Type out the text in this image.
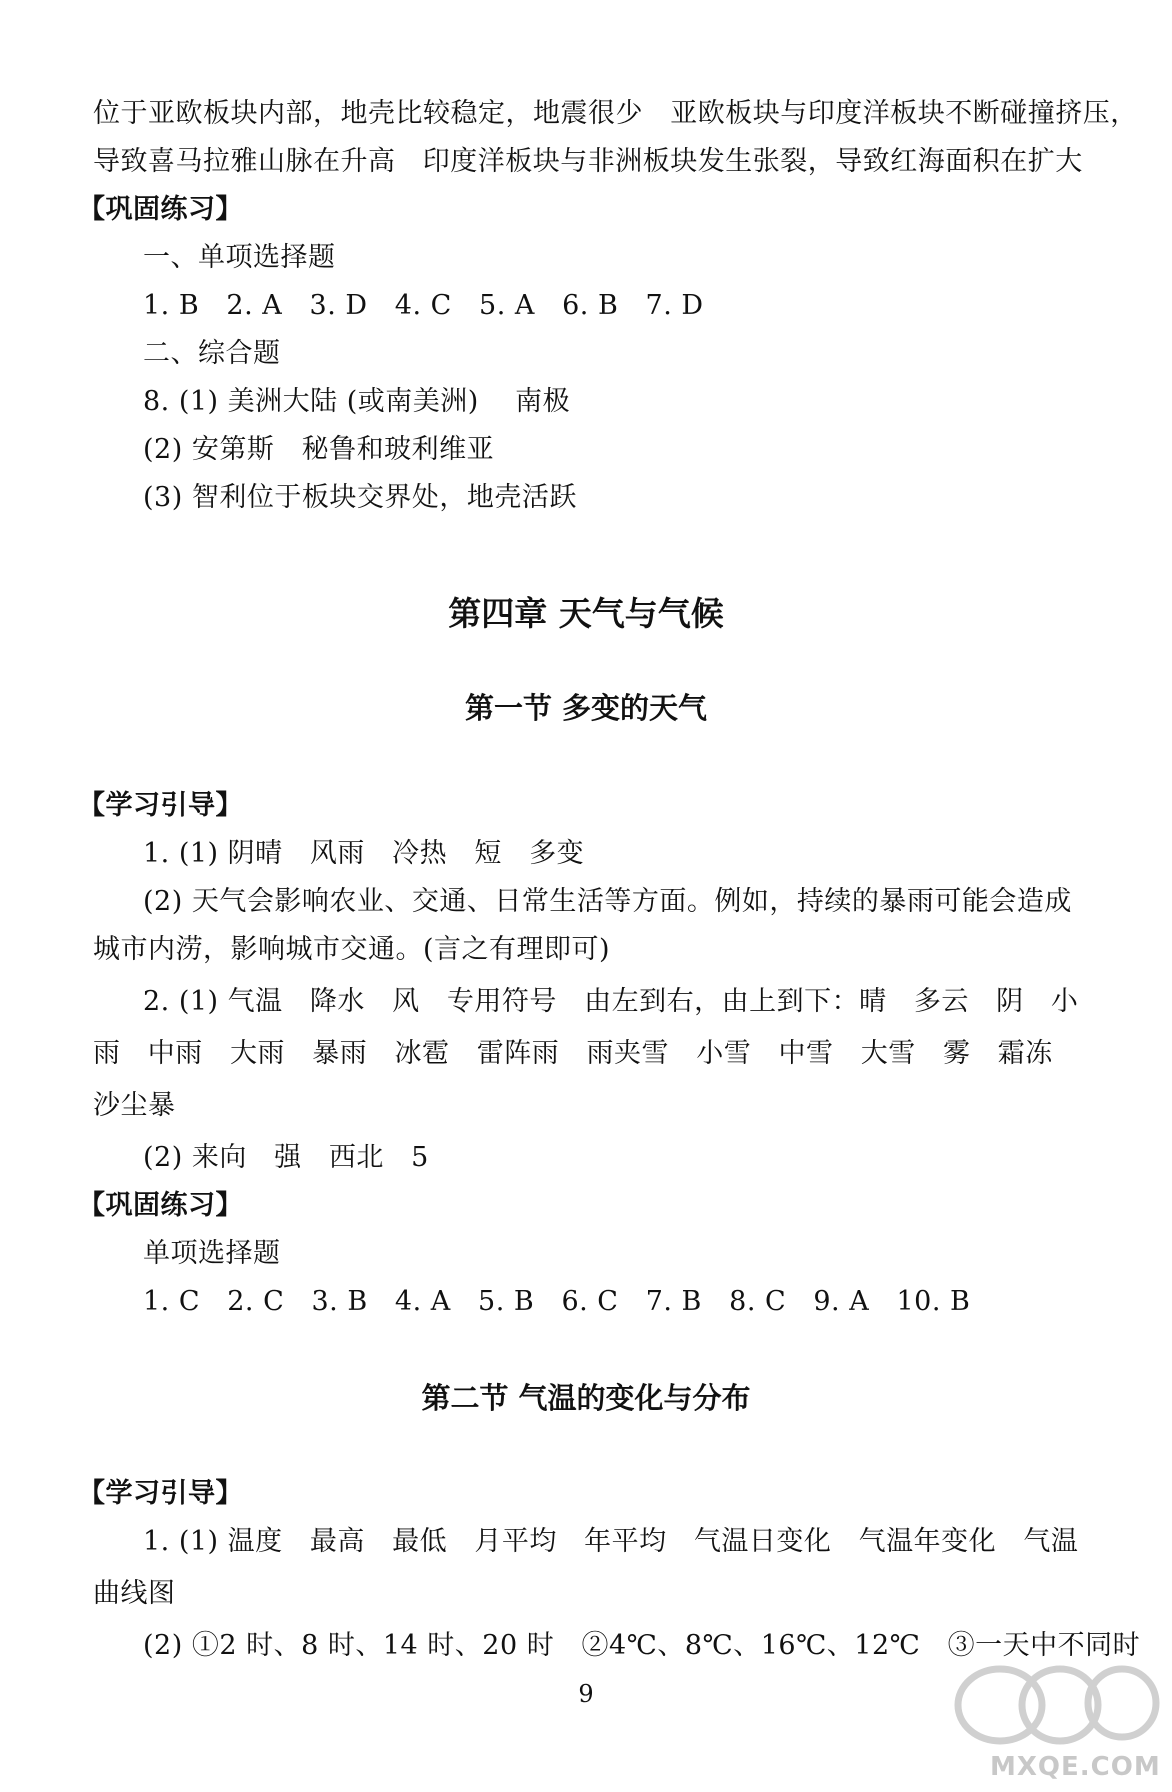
位于亚欧板块内部，地壳比较稳定，地震很少   亚欧板块与印度洋板块不断碰撞挤压，
导致喜马拉雅山脉在升高   印度洋板块与非洲板块发生张裂，导致红海面积在扩大
【巩固练习】
一、单项选择题
1. B   2. A   3. D   4. C   5. A   6. B   7. D
二、综合题
8. (1) 美洲大陆 (或南美洲)    南极
(2) 安第斯   秘鲁和玻利维亚
(3) 智利位于板块交界处，地壳活跃
第四章 天气与气候
第一节 多变的天气
【学习引导】
1. (1) 阴晴   风雨   冷热   短   多变
(2) 天气会影响农业、交通、日常生活等方面。例如，持续的暴雨可能会造成
城市内涝，影响城市交通。(言之有理即可)
2. (1) 气温   降水   风   专用符号   由左到右，由上到下：晴   多云   阴   小
雨   中雨   大雨   暴雨   冰雹   雷阵雨   雨夹雪   小雪   中雪   大雪   雾   霜冻
沙尘暴
(2) 来向   强   西北   5
【巩固练习】
单项选择题
1. C   2. C   3. B   4. A   5. B   6. C   7. B   8. C   9. A   10. B
第二节 气温的变化与分布
【学习引导】
1. (1) 温度   最高   最低   月平均   年平均   气温日变化   气温年变化   气温
曲线图
(2) ①2 时、8 时、14 时、20 时   ②4℃、8℃、16℃、12℃   ③一天中不同时
9
MXQE.COM
